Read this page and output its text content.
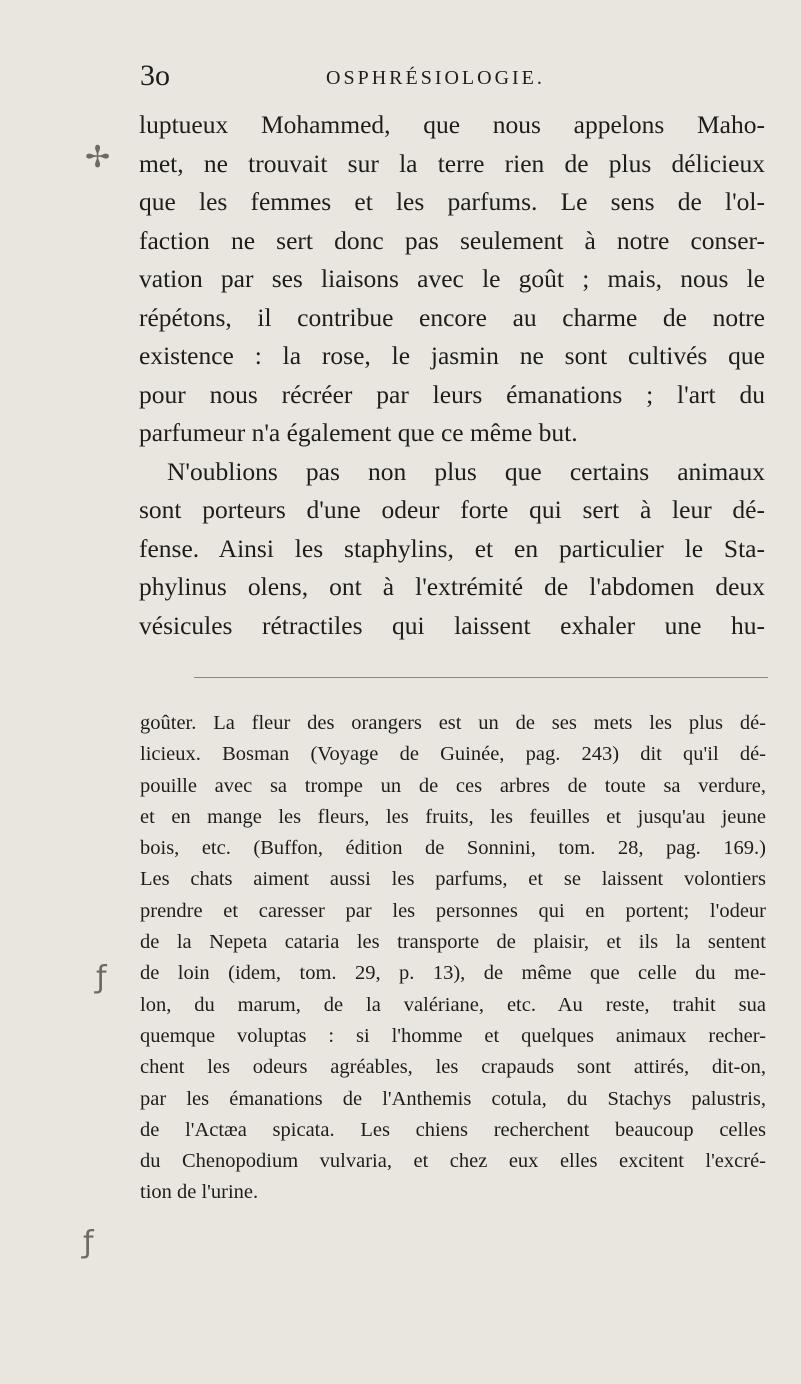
3o	OSPHRÉSIOLOGIE.
luptueux Mohammed, que nous appelons Maho-
met, ne trouvait sur la terre rien de plus délicieux
que les femmes et les parfums. Le sens de l'ol-
faction ne sert donc pas seulement à notre conser-
vation par ses liaisons avec le goût ; mais, nous le
répétons, il contribue encore au charme de notre
existence : la rose, le jasmin ne sont cultivés que
pour nous récréer par leurs émanations ; l'art du
parfumeur n'a également que ce même but.
N'oublions pas non plus que certains animaux
sont porteurs d'une odeur forte qui sert à leur dé-
fense. Ainsi les staphylins, et en particulier le Sta-
phylinus olens, ont à l'extrémité de l'abdomen deux
vésicules rétractiles qui laissent exhaler une hu-
goûter. La fleur des orangers est un de ses mets les plus dé-
licieux. Bosman (Voyage de Guinée, pag. 243) dit qu'il dé-
pouille avec sa trompe un de ces arbres de toute sa verdure,
et en mange les fleurs, les fruits, les feuilles et jusqu'au jeune
bois, etc. (Buffon, édition de Sonnini, tom. 28, pag. 169.)
Les chats aiment aussi les parfums, et se laissent volontiers
prendre et caresser par les personnes qui en portent; l'odeur
de la Nepeta cataria les transporte de plaisir, et ils la sentent
de loin (idem, tom. 29, p. 13), de même que celle du me-
lon, du marum, de la valériane, etc. Au reste, trahit sua
quemque voluptas : si l'homme et quelques animaux recher-
chent les odeurs agréables, les crapauds sont attirés, dit-on,
par les émanations de l'Anthemis cotula, du Stachys palustris,
de l'Actæa spicata. Les chiens recherchent beaucoup celles
du Chenopodium vulvaria, et chez eux elles excitent l'excré-
tion de l'urine.
✢
ƒ
ƒ
